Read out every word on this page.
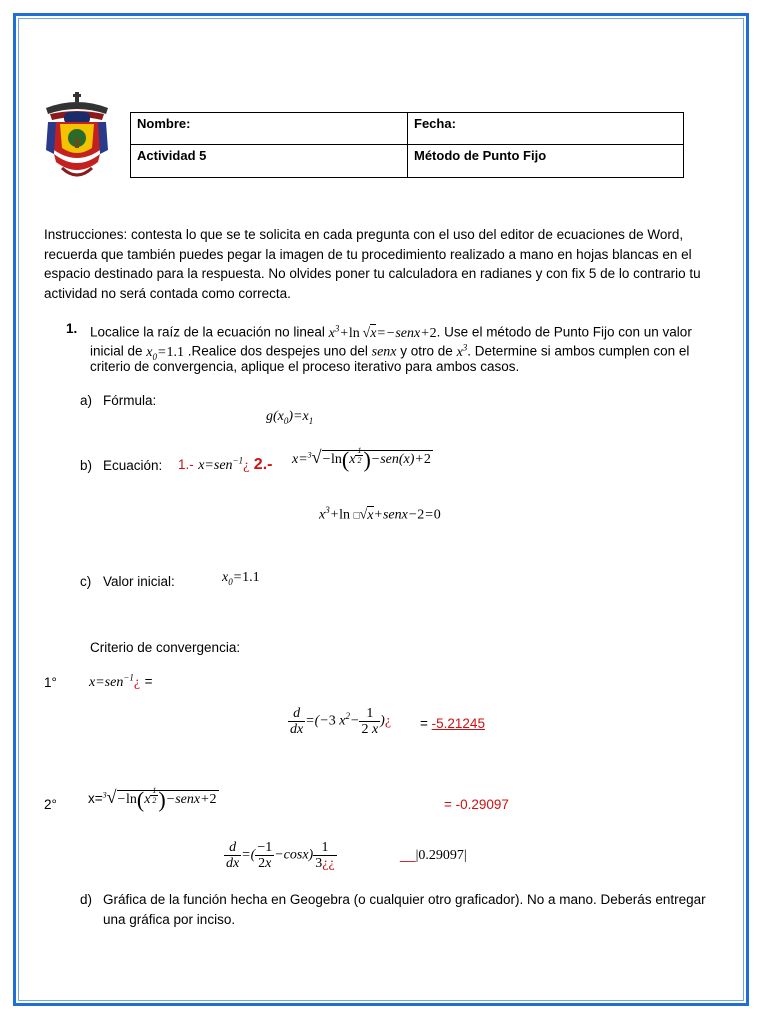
Nombre:	Fecha:
Actividad 5	Método de Punto Fijo
Instrucciones: contesta lo que se te solicita en cada pregunta con el uso del editor de ecuaciones de Word, recuerda que también puedes pegar la imagen de tu procedimiento realizado a mano en hojas blancas en el espacio destinado para la respuesta. No olvides poner tu calculadora en radianes y con fix 5 de lo contrario tu actividad no será contada como correcta.
1. Localice la raíz de la ecuación no lineal $x^3+\ln$ √x=−senx+2. Use el método de Punto Fijo con un valor
inicial de $x_0=1.1$ .Realice dos despejes uno del senx y otro de $x^3$. Determine si ambos cumplen con el
criterio de convergencia, aplique el proceso iterativo para ambos casos.
a) Fórmula:
$g(x_0)=x_1$
b) Ecuación: 1.- x=sen$^{-1}$¿ 2.- x=$^3$√−ln(x $^{\frac{1}{2}}$ )−sen(x)+2
$x^3+\ln$ □√x+senx−2=0
c) Valor inicial:	$x_0=1.1$
Criterio de convergencia:
1° x=sen$^{-1}$¿ =
$\frac{d}{dx} =(-3$ $x^2- \frac{1}{2 x}$ )¿ = -5.21245
2° x=$^3$√−ln(x $^{\frac{1}{2}}$ )−senx+2	= -0.29097
$\frac{d}{dx}$ =( $\frac{-1}{2x} -\cos x) \frac{1}{3¿¿}$	__|0.29097|
d) Gráfica de la función hecha en Geogebra (o cualquier otro graficador). No a mano. Deberás entregar una gráfica por inciso.
